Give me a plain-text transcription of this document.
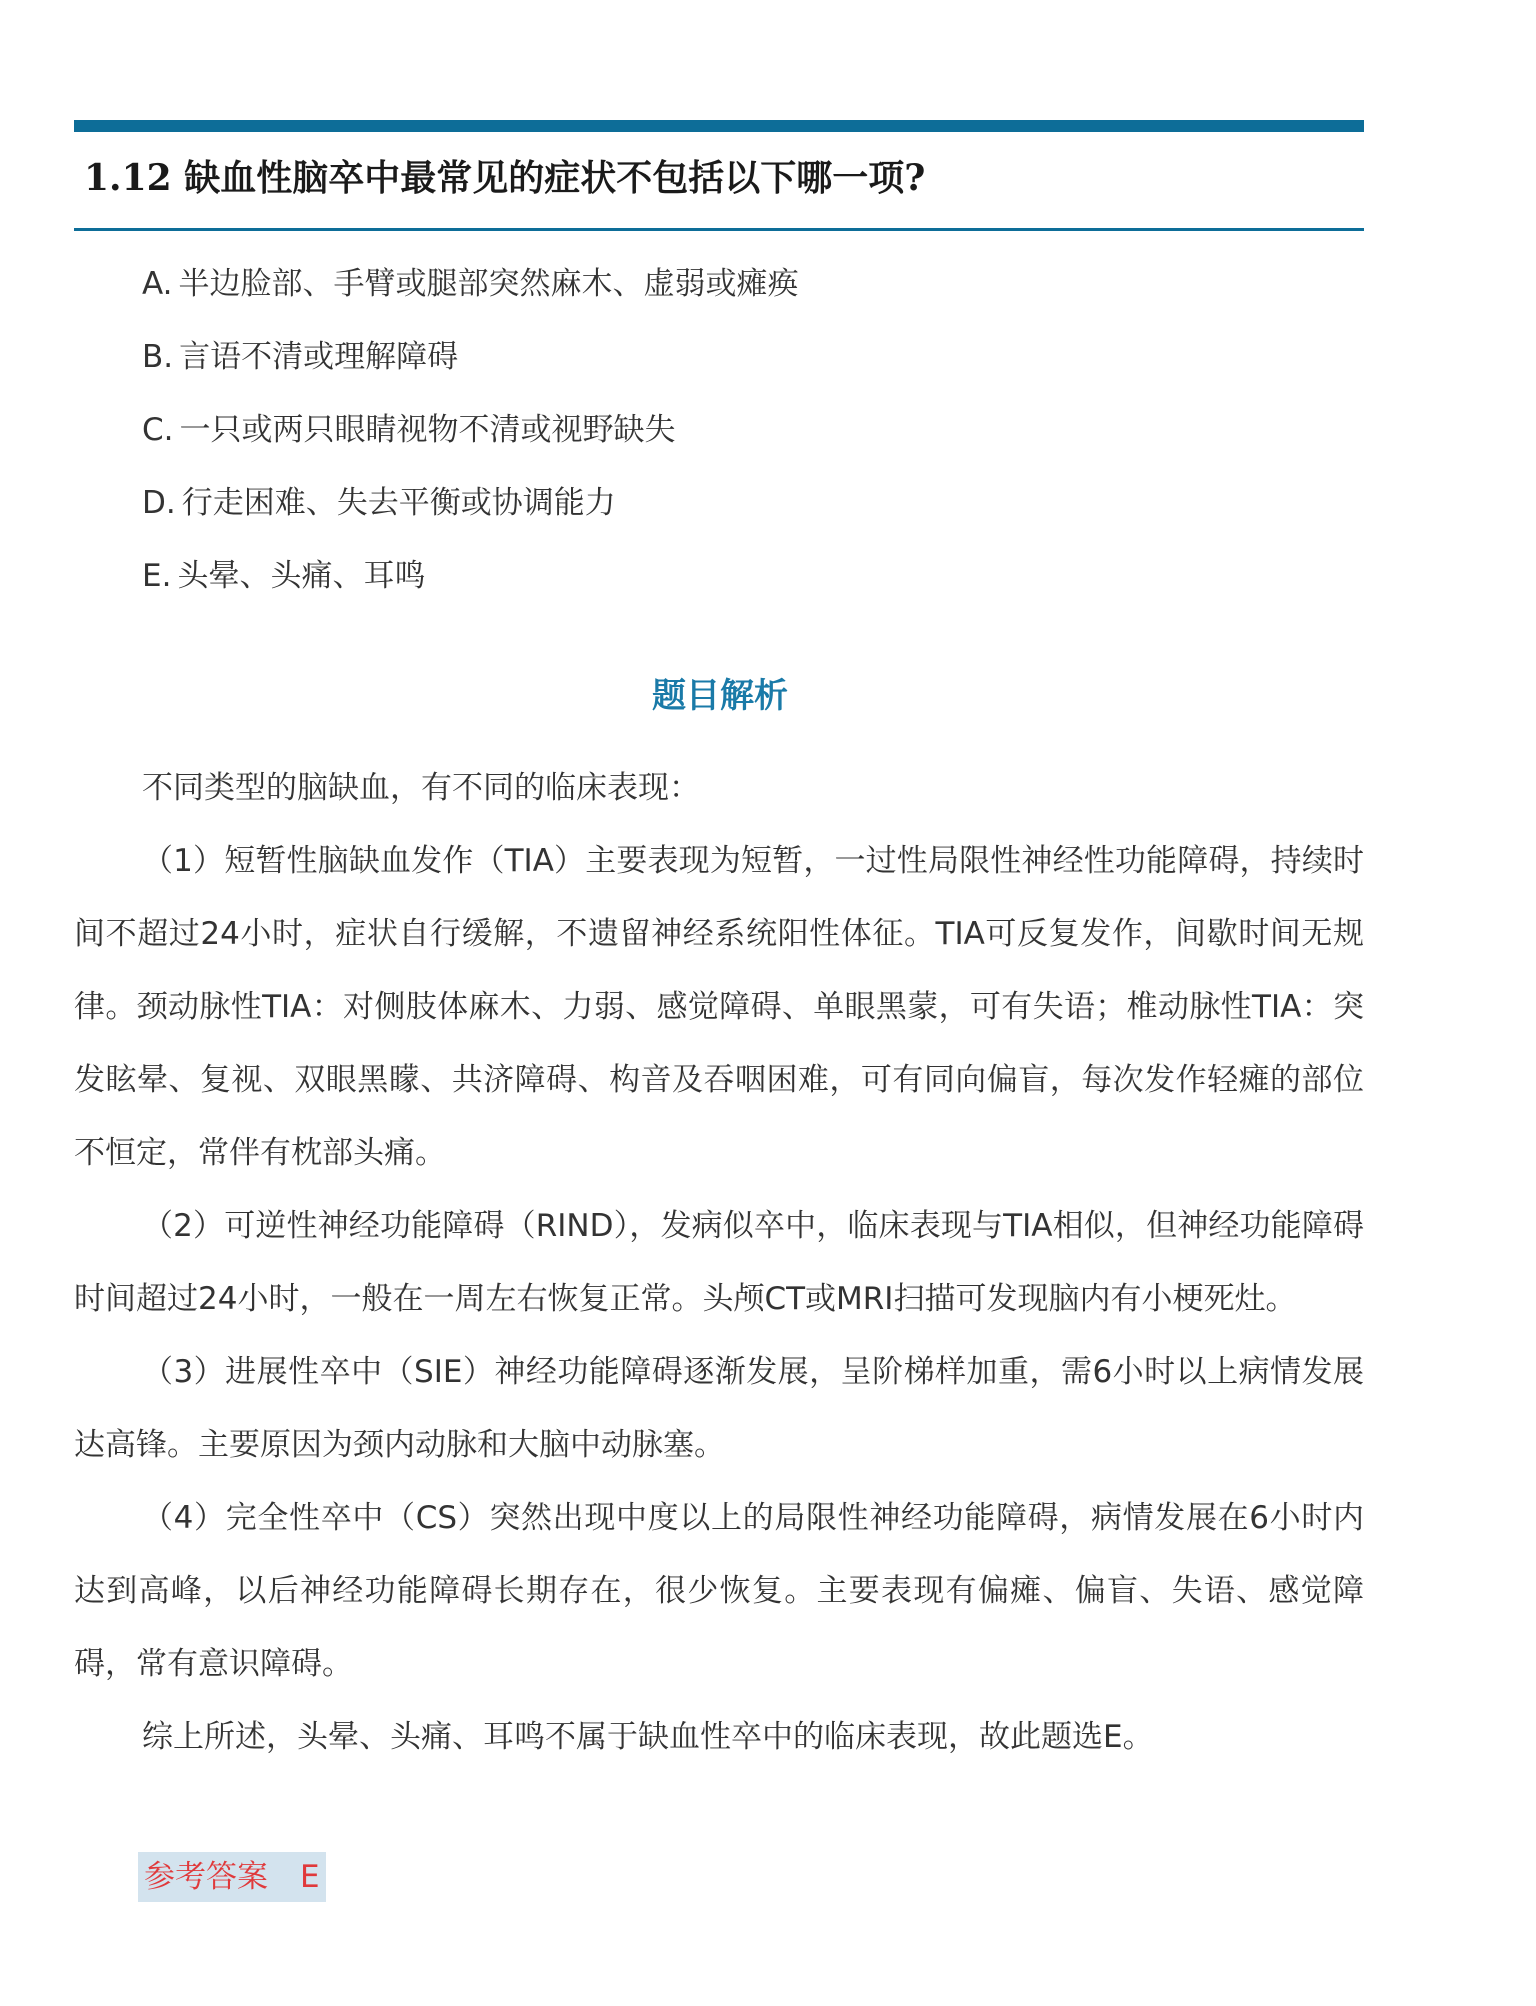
1.12 缺血性脑卒中最常见的症状不包括以下哪一项?
A. 半边脸部、手臂或腿部突然麻木、虚弱或瘫痪
B. 言语不清或理解障碍
C. 一只或两只眼睛视物不清或视野缺失
D. 行走困难、失去平衡或协调能力
E. 头晕、头痛、耳鸣
题目解析

不同类型的脑缺血，有不同的临床表现：

（1）短暂性脑缺血发作（TIA）主要表现为短暂，一过性局限性神经性功能障碍，持续时间不超过24小时，症状自行缓解，不遗留神经系统阳性体征。TIA可反复发作，间歇时间无规律。颈动脉性TIA：对侧肢体麻木、力弱、感觉障碍、单眼黑蒙，可有失语；椎动脉性TIA：突发眩晕、复视、双眼黑矇、共济障碍、构音及吞咽困难，可有同向偏盲，每次发作轻瘫的部位不恒定，常伴有枕部头痛。

（2）可逆性神经功能障碍（RIND），发病似卒中，临床表现与TIA相似，但神经功能障碍时间超过24小时，一般在一周左右恢复正常。头颅CT或MRI扫描可发现脑内有小梗死灶。

（3）进展性卒中（SIE）神经功能障碍逐渐发展，呈阶梯样加重，需6小时以上病情发展达高锋。主要原因为颈内动脉和大脑中动脉塞。

（4）完全性卒中（CS）突然出现中度以上的局限性神经功能障碍，病情发展在6小时内达到高峰，以后神经功能障碍长期存在，很少恢复。主要表现有偏瘫、偏盲、失语、感觉障碍，常有意识障碍。

综上所述，头晕、头痛、耳鸣不属于缺血性卒中的临床表现，故此题选E。

参考答案 E
